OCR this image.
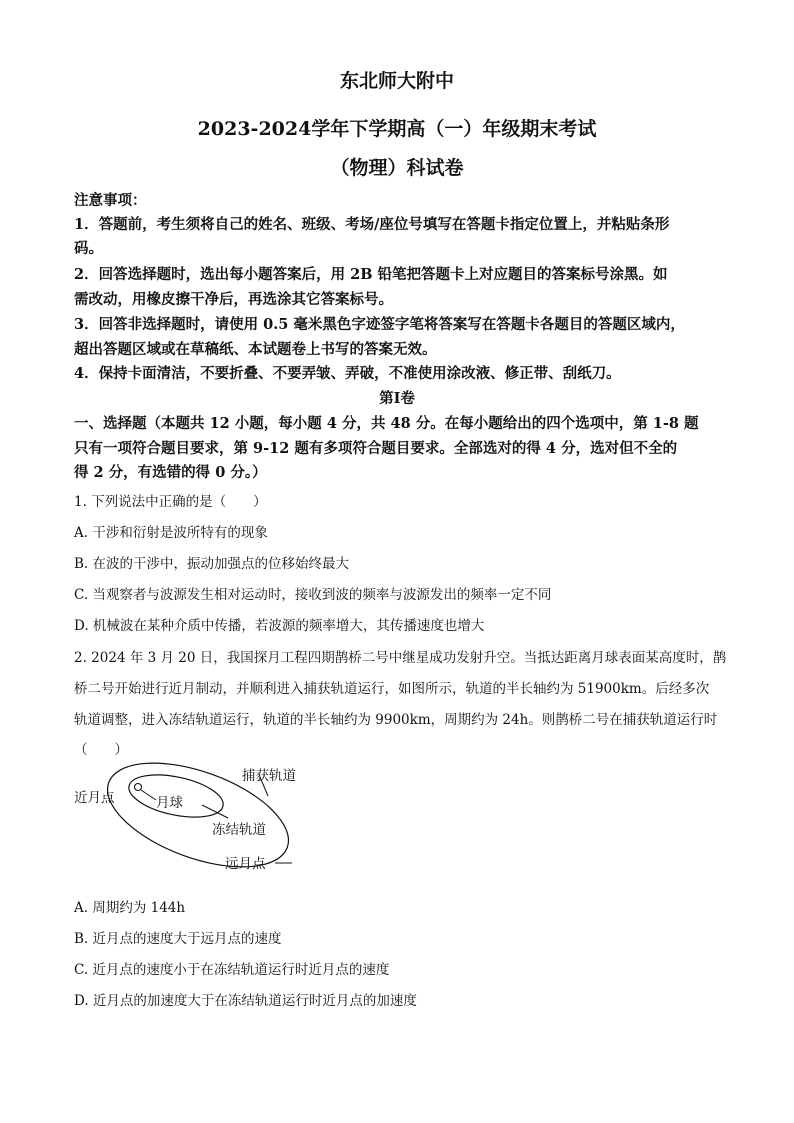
东北师大附中
2023-2024学年下学期高（一）年级期末考试
（物理）科试卷
注意事项：
1．答题前，考生须将自己的姓名、班级、考场/座位号填写在答题卡指定位置上，并粘贴条形
码。
2．回答选择题时，选出每小题答案后，用 2B 铅笔把答题卡上对应题目的答案标号涂黑。如
需改动，用橡皮擦干净后，再选涂其它答案标号。
3．回答非选择题时，请使用 0.5 毫米黑色字迹签字笔将答案写在答题卡各题目的答题区域内，
超出答题区域或在草稿纸、本试题卷上书写的答案无效。
4．保持卡面清洁，不要折叠、不要弄皱、弄破，不准使用涂改液、修正带、刮纸刀。
第Ⅰ卷
一、选择题（本题共 12 小题，每小题 4 分，共 48 分。在每小题给出的四个选项中，第 1-8 题
只有一项符合题目要求，第 9-12 题有多项符合题目要求。全部选对的得 4 分，选对但不全的
得 2 分，有选错的得 0 分。）
1. 下列说法中正确的是（　　）
A. 干涉和衍射是波所特有的现象
B. 在波的干涉中，振动加强点的位移始终最大
C. 当观察者与波源发生相对运动时，接收到波的频率与波源发出的频率一定不同
D. 机械波在某种介质中传播，若波源的频率增大，其传播速度也增大
2. 2024 年 3 月 20 日，我国探月工程四期鹊桥二号中继星成功发射升空。当抵达距离月球表面某高度时，鹊
桥二号开始进行近月制动，并顺利进入捕获轨道运行，如图所示，轨道的半长轴约为 51900km。后经多次
轨道调整，进入冻结轨道运行，轨道的半长轴约为 9900km，周期约为 24h。则鹊桥二号在捕获轨道运行时
（　　）
近月点	月球
捕获轨道
冻结轨道
远月点
A. 周期约为 144h
B. 近月点的速度大于远月点的速度
C. 近月点的速度小于在冻结轨道运行时近月点的速度
D. 近月点的加速度大于在冻结轨道运行时近月点的加速度
